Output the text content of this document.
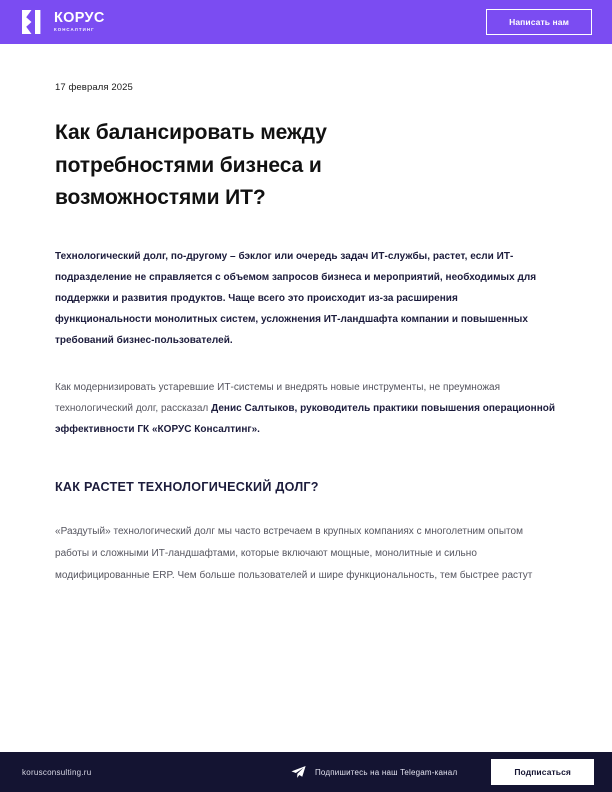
КОРУС
КОНСАЛТИНГ
Написать нам
17 февраля 2025
Как балансировать между потребностями бизнеса и возможностями ИТ?

Технологический долг, по-другому – бэклог или очередь задач ИТ-службы, растет, если ИТ-подразделение не справляется с объемом запросов бизнеса и мероприятий, необходимых для поддержки и развития продуктов. Чаще всего это происходит из-за расширения функциональности монолитных систем, усложнения ИТ-ландшафта компании и повышенных требований бизнес-пользователей.

Как модернизировать устаревшие ИТ-системы и внедрять новые инструменты, не преумножая технологический долг, рассказал Денис Салтыков, руководитель практики повышения операционной эффективности ГК «КОРУС Консалтинг».

КАК РАСТЕТ ТЕХНОЛОГИЧЕСКИЙ ДОЛГ?

«Раздутый» технологический долг мы часто встречаем в крупных компаниях с многолетним опытом работы и сложными ИТ-ландшафтами, которые включают мощные, монолитные и сильно модифицированные ERP. Чем больше пользователей и шире функциональность, тем быстрее растут

korusconsulting.ru	Подпишитесь на наш Telegam-канал	Подписаться
